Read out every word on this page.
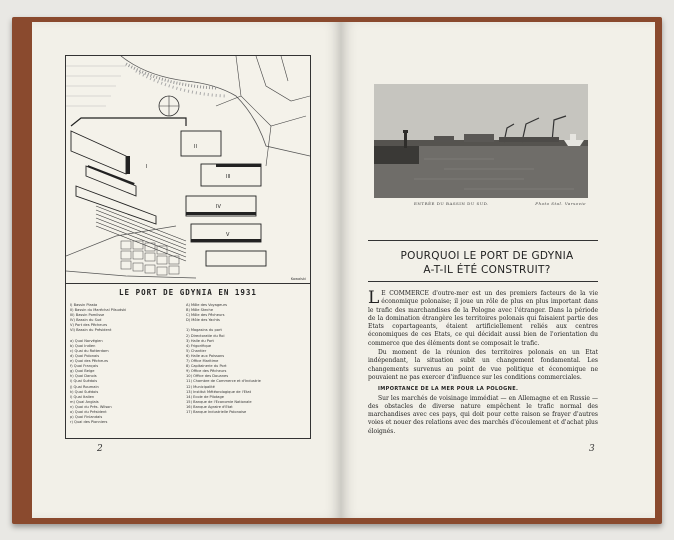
I
II
III
IV
V
Kowalski
LE PORT DE GDYNIA EN 1931
I) Bassin Piasta
II) Bassin du Maréchal Pilsudski
III) Bassin Pomilsse
IV) Bassin du Sud
V) Port des Pêcheurs
VI) Bassin du Président

a) Quai Norvégien
b) Quai Indien
c) Quai du Rotterdam
d) Quai Polonais
e) Quai des Pêcheurs
f) Quai Français
g) Quai Belge
h) Quai Danois
i) Quai Suédois
j) Quai Roumain
k) Quai Suédois
l) Quai Italien
m) Quai Anglais
n) Quai du Prés. Wilson
o) Quai du Président
p) Quai Finlandais
r) Quai des Pionniers
A) Môle des Voyageurs
B) Môle Steche
C) Môle des Pêcheurs
D) Môle des Yachts

1) Magasins du port
2) Directoratie du Roi
3) Halle du Port
4) Frigorifique
5) Chantier
6) Halle aux Poissons
7) Office Maritime
8) Capitainerie du Port
9) Office des Pêcheurs
10) Office des Douanes
11) Chambre de Commerce et d'Industrie
12) Municipalité
13) Institut Météorologique de l'Etat
14) Ecole de Pilotage
15) Banque de l'Economie Nationale
16) Banque Agraire d'Etat
17) Banque Industrielle Polonaise
2
ENTRÉE DU BASSIN DU SUD.	Photo Stal. Varsovie
POURQUOI LE PORT DE GDYNIA
A-T-IL ÉTÉ CONSTRUIT?

L E COMMERCE d'outre-mer est un des premiers facteurs de la vie économique polonaise; il joue un rôle de plus en plus important dans le trafic des marchandises de la Pologne avec l'étranger. Dans la période de la domination étrangère les territoires polonais qui faisaient partie des Etats copartageants, étaient artificiellement reliés aux centres économiques de ces Etats, ce qui décidait aussi bien de l'orientation du commerce que des éléments dont se composait le trafic.

Du moment de la réunion des territoires polonais en un Etat indépendant, la situation subit un changement fondamental. Les changements survenus au point de vue politique et économique ne pouvaient ne pas exercer d'influence sur les conditions commerciales.

IMPORTANCE DE LA MER POUR LA POLOGNE.

Sur les marchés de voisinage immédiat — en Allemagne et en Russie — des obstacles de diverse nature empêchent le trafic normal des marchandises avec ces pays, qui doit pour cette raison se frayer d'autres voies et nouer des relations avec des marchés d'écoulement et d'achat plus éloignés.

3
